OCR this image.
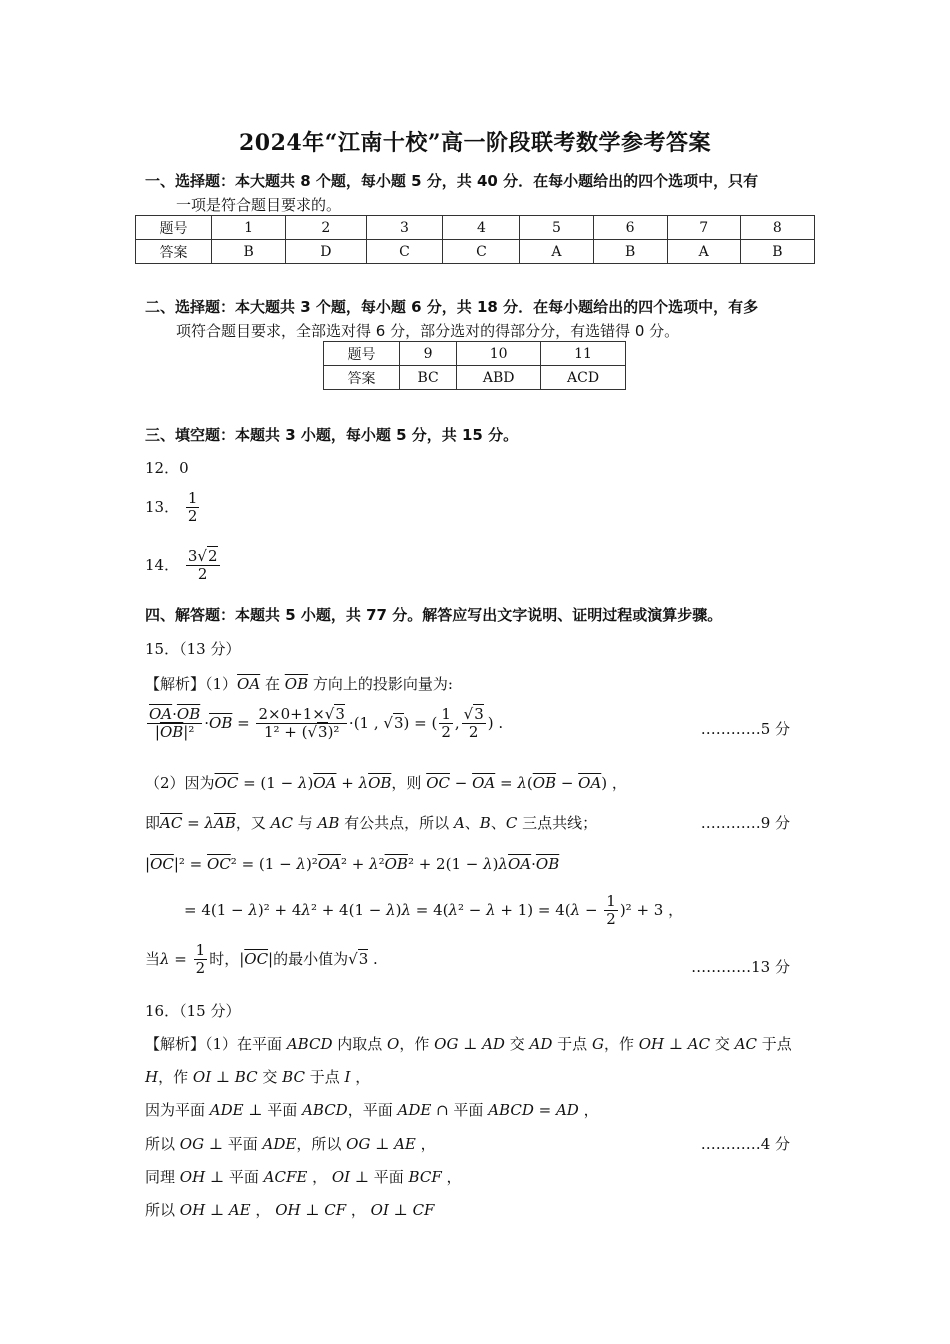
2024年“江南十校”高一阶段联考数学参考答案
一、选择题：本大题共 8 个题，每小题 5 分，共 40 分．在每小题给出的四个选项中，只有
一项是符合题目要求的。
题号	1	2	3	4	5	6	7	8
答案	B	D	C	C	A	B	A	B
二、选择题：本大题共 3 个题，每小题 6 分，共 18 分．在每小题给出的四个选项中，有多
项符合题目要求，全部选对得 6 分，部分选对的得部分分，有选错得 0 分。
题号	9	10	11
答案	BC	ABD	ACD
三、填空题：本题共 3 小题，每小题 5 分，共 15 分。
12．0
13． $\frac{1}{2}$
14． $\frac{3√2}{2}$
四、解答题：本题共 5 小题，共 77 分。解答应写出文字说明、证明过程或演算步骤。
15．（13 分）
【解析】$(1)\overline{OA}$ 在 $\overline{OB}$ 方向上的投影向量为:
$\frac{\overline{OA}\cdot\overline{OB}}{|\overline{OB}|^2} \cdot\overline{OB} = \frac{2\times 0+1\times√3}{\text{1² + (√3)²}} \cdot(1$ , √3) = ( $\frac{1}{2}$ , $\frac{√3}{2}$ ) .	…………5 分
（2）因为$\overline{OC} = (1 - \lambda)\overline{OA} + \lambda\overline{OB}$，则 $\overline{OC} - \overline{OA} = \lambda(\overline{OB} - \overline{OA})$ ，
即$\overline{AC} = \lambda\overline{AB}$，又 AC 与 AB 有公共点，所以 A、B、C 三点共线；	…………9 分
$|\overline{OC}|^2 = \overline{OC}^2 = (1 - \lambda)^2\overline{OA}^2 + \lambda^2\overline{OB}^2 + 2(1 - \lambda)\lambda\overline{OA}\cdot\overline{OB}$
= $4(1 - \lambda)^2 + 4\lambda^2 + 4(1 - \lambda)\lambda = 4(\lambda^2 - \lambda + 1) = 4(\lambda - \frac{1}{2} )^2 + 3$ ，
当$\lambda = \frac{1}{2}$ 时，$|\overline{OC}|$的最小值为√3 .	…………13 分
16．（15 分）
【解析】（1）在平面 ABCD 内取点 O，作 OG ⊥ AD 交 AD 于点 G，作 OH ⊥ AC 交 AC 于点
H，作 OI ⊥ BC 交 BC 于点 I ，
因为平面 ADE ⊥ 平面 ABCD，平面 ADE ∩ 平面 ABCD = AD ，
所以 OG ⊥ 平面 ADE，所以 OG ⊥ AE ，	…………4 分
同理 OH ⊥ 平面 ACFE ， OI ⊥ 平面 BCF ，
所以 OH ⊥ AE ， OH ⊥ CF ， OI ⊥ CF
